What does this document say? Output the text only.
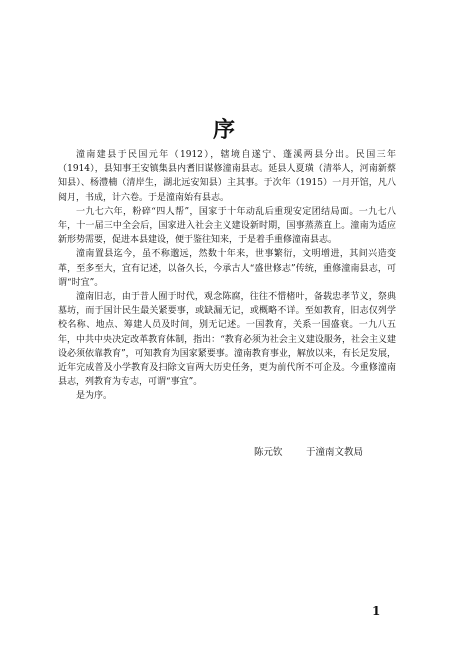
序

潼南建县于民国元年（1912），辖境自遂宁、蓬溪两县分出。民国三年（1914），县知事王安镇集县内耆旧谋修潼南县志。延县人夏璜（清举人，河南新蔡知县）、杨澧楠（清岸生，湖北远安知县）主其事。于次年（1915）一月开馆，凡八阅月，书成，计六卷。于是潼南始有县志。

一九七六年，粉碎“四人帮”，国家于十年动乱后重现安定团结局面。一九七八年，十一届三中全会后，国家进入社会主义建设新时期，国事蒸蒸直上。潼南为适应新形势需要，促进本县建设，便于鉴往知来，于是着手重修潼南县志。

潼南置县迄今，虽不称邈远，然数十年来，世事繁衍，文明增进，其间兴造变革，至多至大，宜有记述，以备久长，今承古人“盛世修志”传统，重修潼南县志，可谓“时宜”。

潼南旧志，由于昔人囿于时代，观念陈腐，往往不惜楮叶，备载忠孝节义，祭典墓坊，而于国计民生最关紧要事，或缺漏无记，或概略不详。至如教育，旧志仅列学校名称、地点、筹建人员及时间，别无记述。一国教育，关系一国盛衰。一九八五年，中共中央决定改革教育体制，指出：“教育必须为社会主义建设服务，社会主义建设必须依靠教育”，可知教育为国家紧要事。潼南教育事业，解放以来，有长足发展，近年完成普及小学教育及扫除文盲两大历史任务，更为前代所不可企及。今重修潼南县志，列教育为专志，可谓“事宜”。

是为序。

陈元钦 于潼南文教局
1
